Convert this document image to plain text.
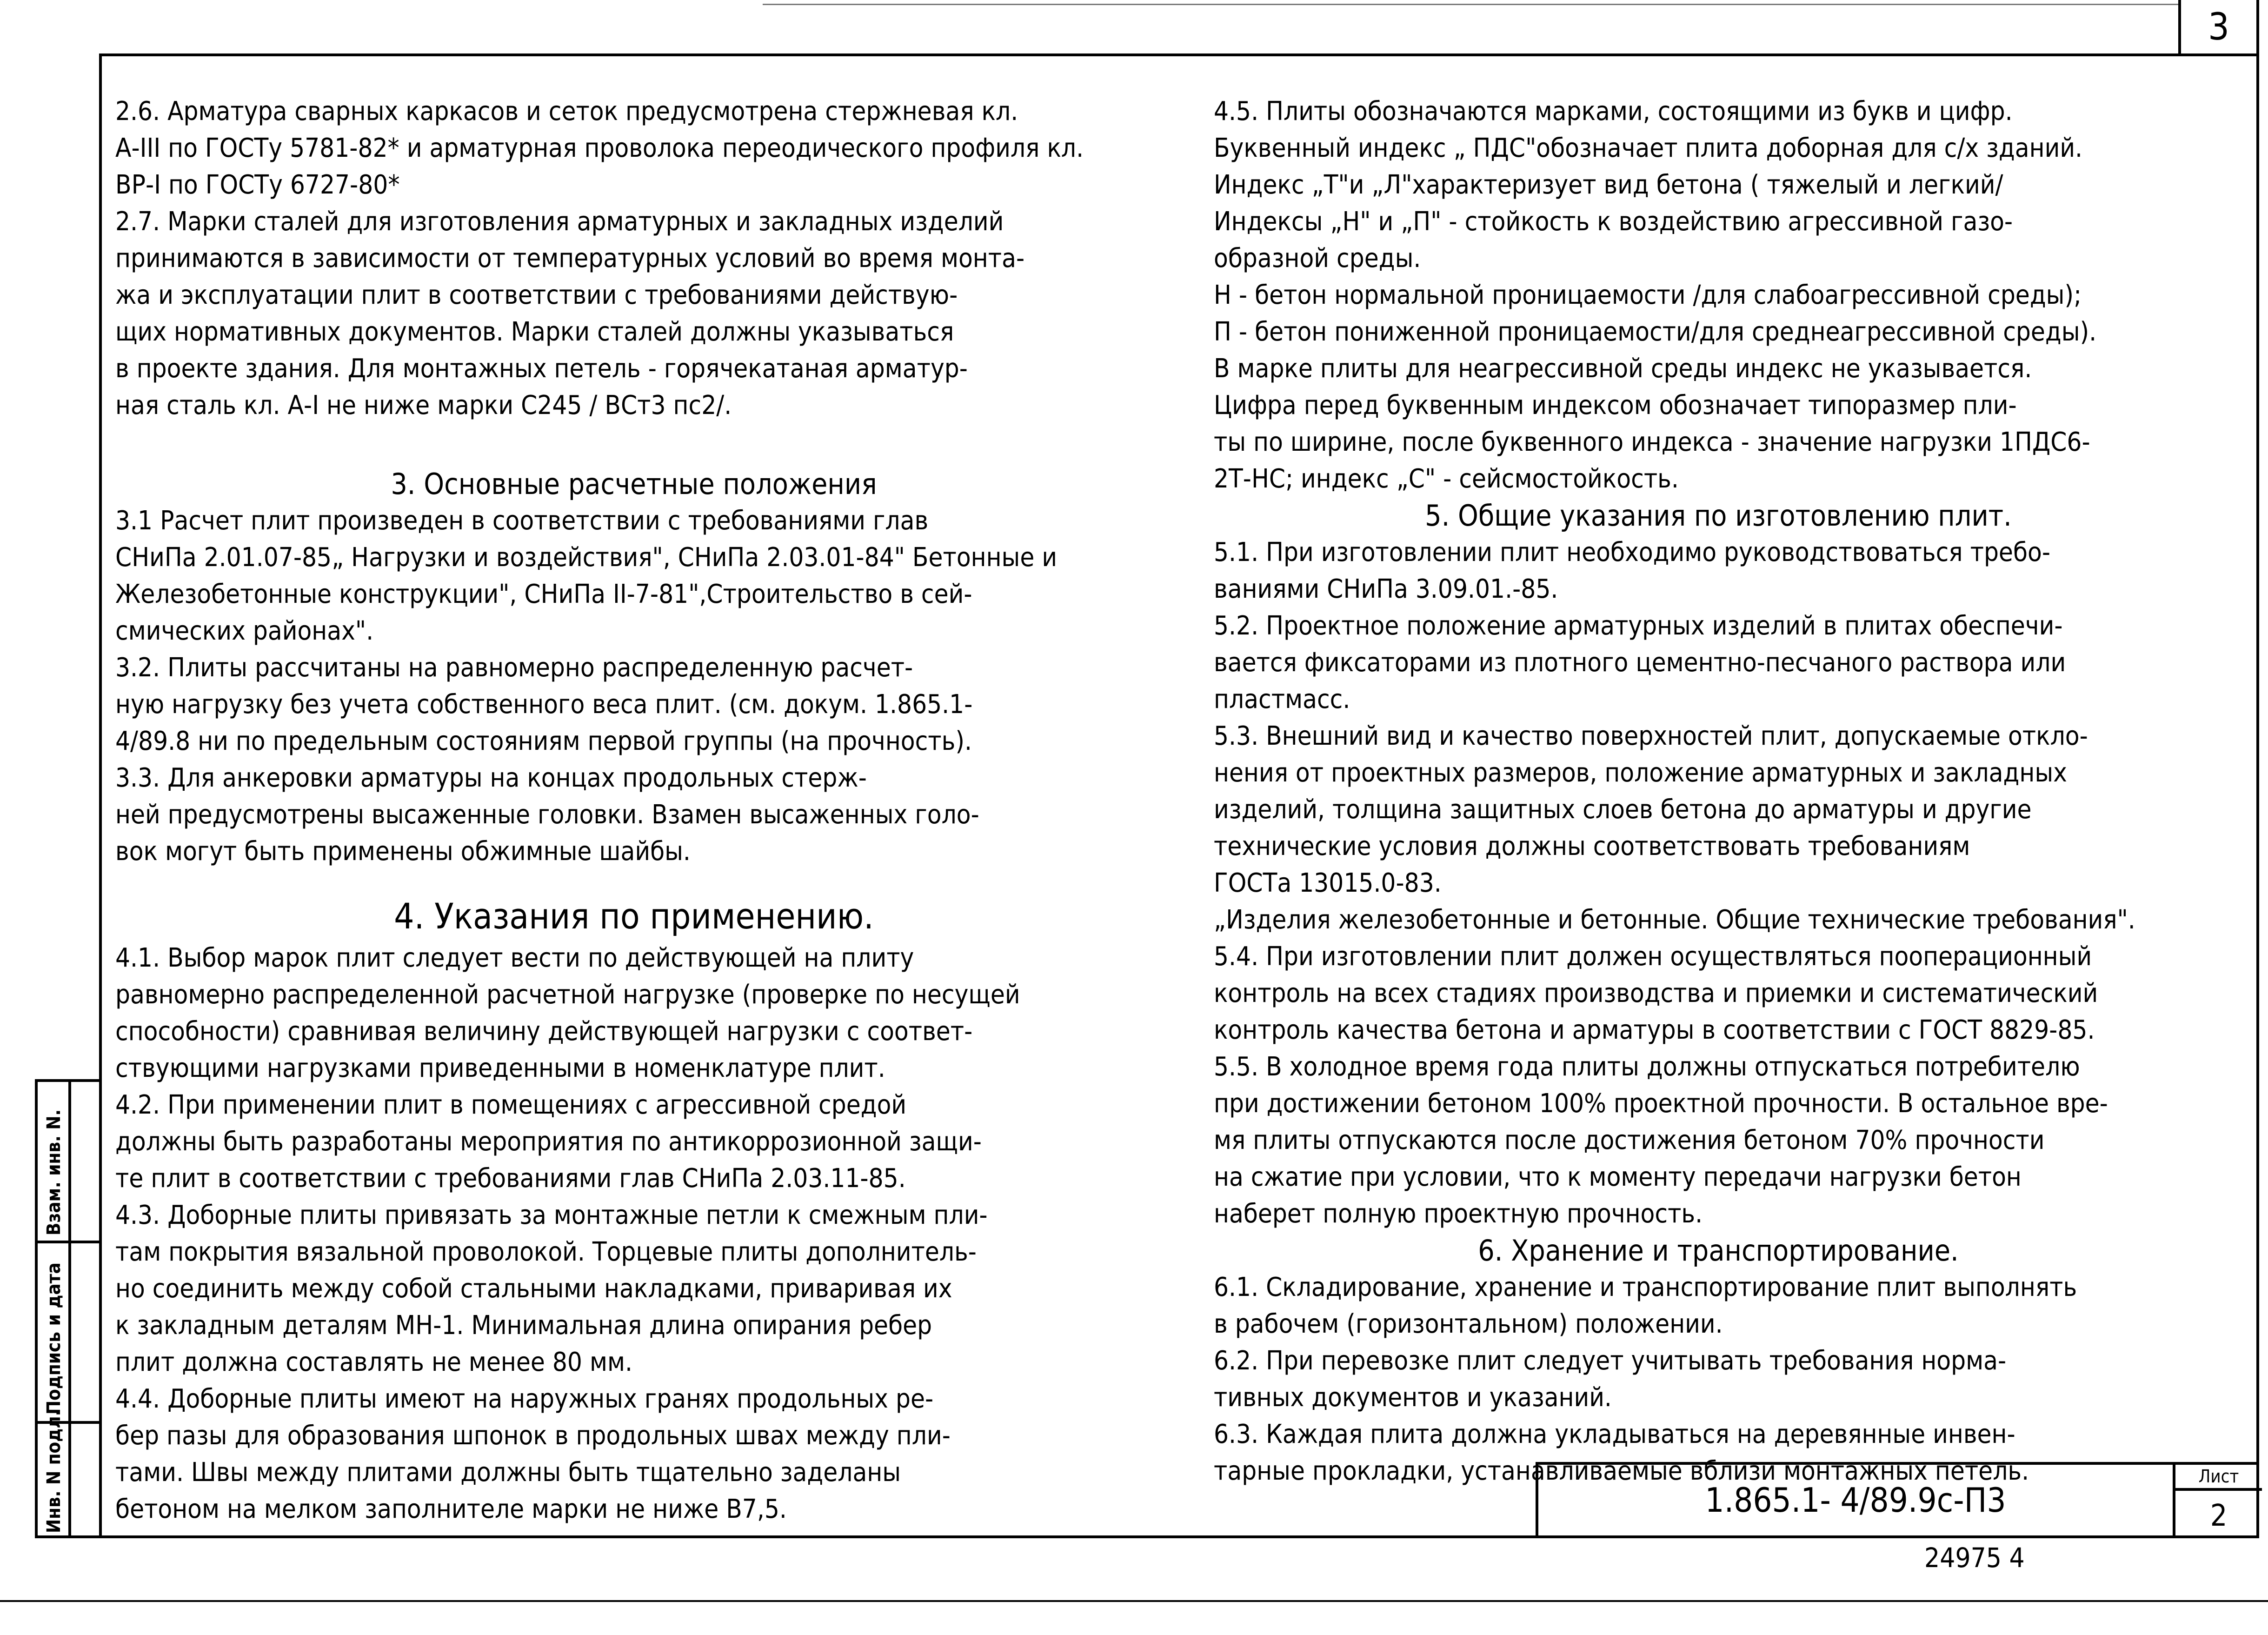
3
Взам. инв. N.
Подпись и дата
Инв. N подл.

2.6. Арматура сварных каркасов и сеток предусмотрена стержневая кл.

А-III по ГОСТу 5781-82* и арматурная проволока переодического профиля кл.

ВР-I по ГОСТу 6727-80*

2.7. Марки сталей для изготовления арматурных и закладных изделий

принимаются в зависимости от температурных условий во время монта-

жа и эксплуатации плит в соответствии с требованиями действую-

щих нормативных документов. Марки сталей должны указываться

в проекте здания. Для монтажных петель - горячекатаная арматур-

ная сталь кл. А-I не ниже марки С245 / ВСт3 пс2/.

3. Основные расчетные положения

3.1 Расчет плит произведен в соответствии с требованиями глав

СНиПа 2.01.07-85„ Нагрузки и воздействия", СНиПа 2.03.01-84" Бетонные и

Железобетонные конструкции", СНиПа II-7-81",Строительство в сей-

смических районах".

3.2. Плиты рассчитаны на равномерно распределенную расчет-

ную нагрузку без учета собственного веса плит. (см. докум. 1.865.1-

4/89.8 ни по предельным состояниям первой группы (на прочность).

3.3. Для анкеровки арматуры на концах продольных стерж-

ней предусмотрены высаженные головки. Взамен высаженных голо-

вок могут быть применены обжимные шайбы.

4. Указания по применению.

4.1. Выбор марок плит следует вести по действующей на плиту

равномерно распределенной расчетной нагрузке (проверке по несущей

способности) сравнивая величину действующей нагрузки с соответ-

ствующими нагрузками приведенными в номенклатуре плит.

4.2. При применении плит в помещениях с агрессивной средой

должны быть разработаны мероприятия по антикоррозионной защи-

те плит в соответствии с требованиями глав СНиПа 2.03.11-85.

4.3. Доборные плиты привязать за монтажные петли к смежным пли-

там покрытия вязальной проволокой. Торцевые плиты дополнитель-

но соединить между собой стальными накладками, приваривая их

к закладным деталям МН-1. Минимальная длина опирания ребер

плит должна составлять не менее 80 мм.

4.4. Доборные плиты имеют на наружных гранях продольных ре-

бер пазы для образования шпонок в продольных швах между пли-

тами. Швы между плитами должны быть тщательно заделаны

бетоном на мелком заполнителе марки не ниже В7,5.

4.5. Плиты обозначаются марками, состоящими из букв и цифр.

Буквенный индекс „ ПДС"обозначает плита доборная для с/х зданий.

Индекс „Т"и „Л"характеризует вид бетона ( тяжелый и легкий/

Индексы „Н" и „П" - стойкость к воздействию агрессивной газо-

образной среды.

Н - бетон нормальной проницаемости /для слабоагрессивной среды);

П - бетон пониженной проницаемости/для среднеагрессивной среды).

В марке плиты для неагрессивной среды индекс не указывается.

Цифра перед буквенным индексом обозначает типоразмер пли-

ты по ширине, после буквенного индекса - значение нагрузки 1ПДС6-

2Т-НС; индекс „С" - сейсмостойкость.

5. Общие указания по изготовлению плит.

5.1. При изготовлении плит необходимо руководствоваться требо-

ваниями СНиПа 3.09.01.-85.

5.2. Проектное положение арматурных изделий в плитах обеспечи-

вается фиксаторами из плотного цементно-песчаного раствора или

пластмасс.

5.3. Внешний вид и качество поверхностей плит, допускаемые откло-

нения от проектных размеров, положение арматурных и закладных

изделий, толщина защитных слоев бетона до арматуры и другие

технические условия должны соответствовать требованиям

ГОСТа 13015.0-83.

„Изделия железобетонные и бетонные. Общие технические требования".

5.4. При изготовлении плит должен осуществляться пооперационный

контроль на всех стадиях производства и приемки и систематический

контроль качества бетона и арматуры в соответствии с ГОСТ 8829-85.

5.5. В холодное время года плиты должны отпускаться потребителю

при достижении бетоном 100% проектной прочности. В остальное вре-

мя плиты отпускаются после достижения бетоном 70% прочности

на сжатие при условии, что к моменту передачи нагрузки бетон

наберет полную проектную прочность.

6. Хранение и транспортирование.

6.1. Складирование, хранение и транспортирование плит выполнять

в рабочем (горизонтальном) положении.

6.2. При перевозке плит следует учитывать требования норма-

тивных документов и указаний.

6.3. Каждая плита должна укладываться на деревянные инвен-

тарные прокладки, устанавливаемые вблизи монтажных петель.

1.865.1- 4/89.9с-П3
Лист
2
24975 4
